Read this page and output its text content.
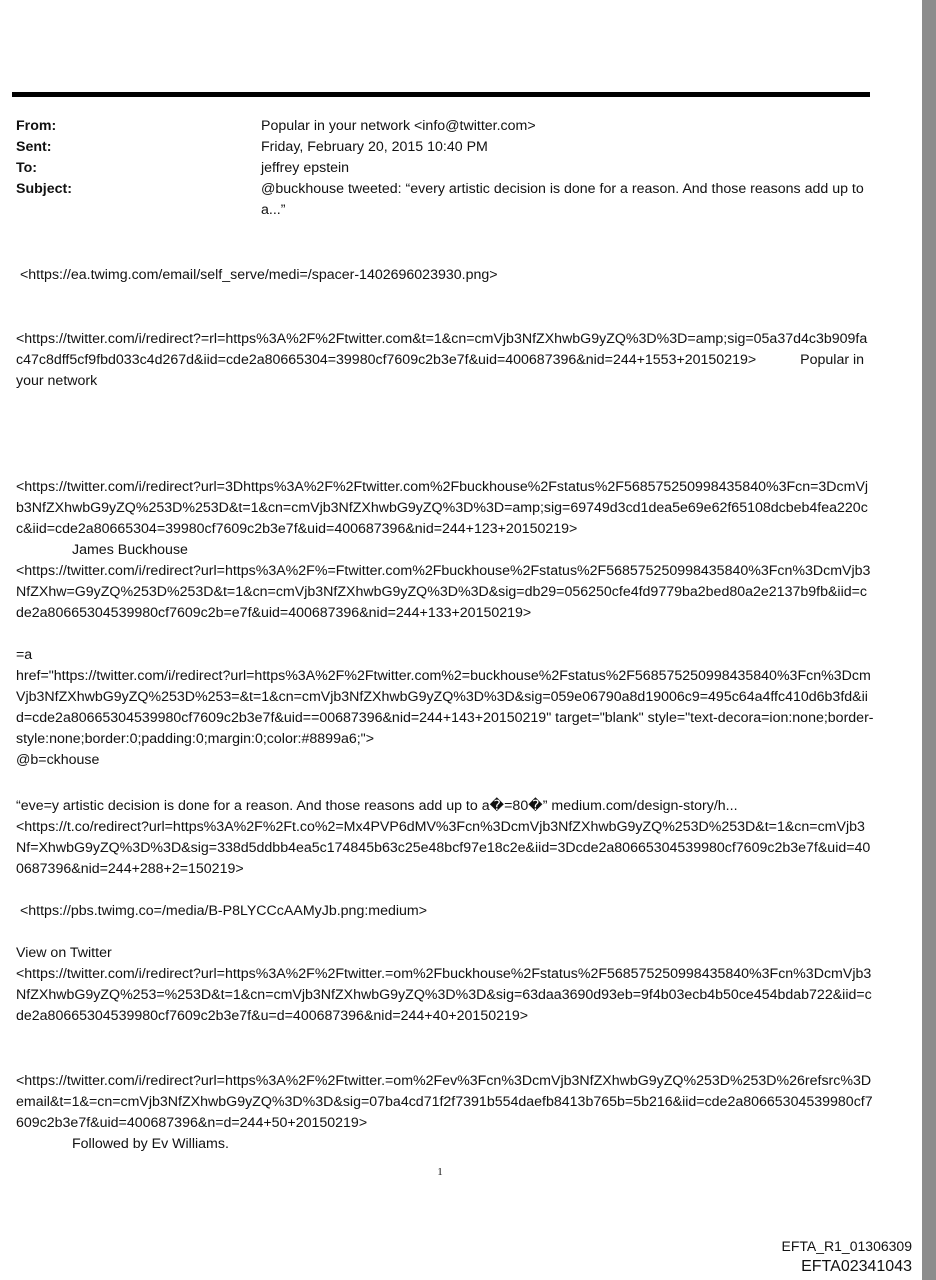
From:	Popular in your network <info@twitter.com>
Sent:	Friday, February 20, 2015 10:40 PM
To:	jeffrey epstein
Subject:	@buckhouse tweeted: “every artistic decision is done for a reason. And those reasons add up to a...”
<https://ea.twimg.com/email/self_serve/medi=/spacer-1402696023930.png>
<https://twitter.com/i/redirect?=rl=https%3A%2F%2Ftwitter.com&t=1&cn=cmVjb3NfZXhwbG9yZQ%3D%3D=amp;sig=05a37d4c3b909fac47c8dff5cf9fbd033c4d267d&iid=cde2a80665304=39980cf7609c2b3e7f&uid=400687396&nid=244+1553+20150219>	Popular in your network
<https://twitter.com/i/redirect?url=3Dhttps%3A%2F%2Ftwitter.com%2Fbuckhouse%2Fstatus%2F568575250998435840%3Fcn=3DcmVjb3NfZXhwbG9yZQ%253D%253D&t=1&cn=cmVjb3NfZXhwbG9yZQ%3D%3D=amp;sig=69749d3cd1dea5e69e62f65108dcbeb4fea220cc&iid=cde2a80665304=39980cf7609c2b3e7f&uid=400687396&nid=244+123+20150219>
James Buckhouse
<https://twitter.com/i/redirect?url=https%3A%2F%=Ftwitter.com%2Fbuckhouse%2Fstatus%2F568575250998435840%3Fcn%3DcmVjb3NfZXhw=G9yZQ%253D%253D&t=1&cn=cmVjb3NfZXhwbG9yZQ%3D%3D&sig=db29=056250cfe4fd9779ba2bed80a2e2137b9fb&iid=cde2a80665304539980cf7609c2b=e7f&uid=400687396&nid=244+133+20150219>
=a
href="https://twitter.com/i/redirect?url=https%3A%2F%2Ftwitter.com%2=buckhouse%2Fstatus%2F568575250998435840%3Fcn%3DcmVjb3NfZXhwbG9yZQ%253D%253=&t=1&cn=cmVjb3NfZXhwbG9yZQ%3D%3D&sig=059e06790a8d19006c9=495c64a4ffc410d6b3fd&iid=cde2a80665304539980cf7609c2b3e7f&uid==00687396&nid=244+143+20150219" target="blank" style="text-decora=ion:none;border-style:none;border:0;padding:0;margin:0;color:#8899a6;">
@b=ckhouse
“eve=y artistic decision is done for a reason. And those reasons add up to a�=80�” medium.com/design-story/h...
<https://t.co/redirect?url=https%3A%2F%2Ft.co%2=Mx4PVP6dMV%3Fcn%3DcmVjb3NfZXhwbG9yZQ%253D%253D&t=1&cn=cmVjb3Nf=XhwbG9yZQ%3D%3D&sig=338d5ddbb4ea5c174845b63c25e48bcf97e18c2e&iid=3Dcde2a80665304539980cf7609c2b3e7f&uid=400687396&nid=244+288+2=150219>
<https://pbs.twimg.co=/media/B-P8LYCCcAAMyJb.png:medium>
View on Twitter
<https://twitter.com/i/redirect?url=https%3A%2F%2Ftwitter.=om%2Fbuckhouse%2Fstatus%2F568575250998435840%3Fcn%3DcmVjb3NfZXhwbG9yZQ%253=%253D&t=1&cn=cmVjb3NfZXhwbG9yZQ%3D%3D&sig=63daa3690d93eb=9f4b03ecb4b50ce454bdab722&iid=cde2a80665304539980cf7609c2b3e7f&u=d=400687396&nid=244+40+20150219>
<https://twitter.com/i/redirect?url=https%3A%2F%2Ftwitter.=om%2Fev%3Fcn%3DcmVjb3NfZXhwbG9yZQ%253D%253D%26refsrc%3Demail&t=1&=cn=cmVjb3NfZXhwbG9yZQ%3D%3D&sig=07ba4cd71f2f7391b554daefb8413b765b=5b216&iid=cde2a80665304539980cf7609c2b3e7f&uid=400687396&n=d=244+50+20150219>
Followed by Ev Williams.
1
EFTA_R1_01306309
EFTA02341043
